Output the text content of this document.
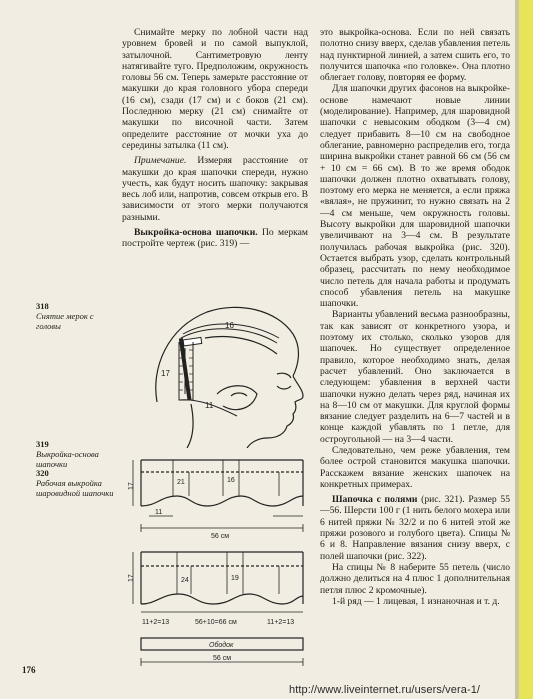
Снимайте мерку по лобной части над уровнем бровей и по самой выпуклой, затылочной. Сантиметровую ленту натягивайте туго. Предположим, окружность головы 56 см. Теперь замерьте расстояние от макушки до края головного убора спереди (16 см), сзади (17 см) и с боков (21 см). Последнюю мерку (21 см) снимайте от макушки по височной части. Затем определите расстояние от мочки уха до середины затылка (11 см).

Примечание. Измеряя расстояние от макушки до края шапочки спереди, нужно учесть, как будут носить шапочку: закрывая весь лоб или, напротив, совсем открыв его. В зависимости от этого мерки получаются разными.

Выкройка-основа шапочки. По меркам постройте чертеж (рис. 319) —

это выкройка-основа. Если по ней связать полотно снизу вверх, сделав убавления петель над пунктирной линией, а затем сшить его, то получится шапочка «по головке». Она плотно облегает голову, повторяя ее форму.

Для шапочки других фасонов на выкройке-основе намечают новые линии (моделирование). Например, для шаровидной шапочки с невысоким ободком (3—4 см) следует прибавить 8—10 см на свободное облегание, равномерно распределив его, тогда ширина выкройки станет равной 66 см (56 см + 10 см = 66 см). В то же время ободок шапочки должен плотно охватывать голову, поэтому его мерка не меняется, а если пряжа «вялая», не пружинит, то нужно связать на 2—4 см меньше, чем окружность головы. Высоту выкройки для шаровидной шапочки увеличивают на 3—4 см. В результате получилась рабочая выкройка (рис. 320). Остается выбрать узор, сделать контрольный образец, рассчитать по нему необходимое число петель для начала работы и продумать способ убавления петель на макушке шапочки.

Варианты убавлений весьма разнообразны, так как зависят от конкретного узора, и поэтому их столько, сколько узоров для шапочек. Но существует определенное правило, которое необходимо знать, делая расчет убавлений. Оно заключается в следующем: убавления в верхней части шапочки нужно делать через ряд, начиная их на 8—10 см от макушки. Для круглой формы вязание следует разделить на 6—7 частей и в конце каждой убавлять по 1 петле, для остроугольной — на 3—4 части.

Следовательно, чем реже убавления, тем более острой становится макушка шапочки. Расскажем вязание женских шапочек на конкретных примерах.

Шапочка с полями (рис. 321). Размер 55—56. Шерсти 100 г (1 нить белого мохера или 6 нитей пряжи № 32/2 и по 6 нитей этой же пряжи розового и голубого цвета). Спицы № 6 и 8. Направление вязания снизу вверх, с полей шапочки (рис. 322).

На спицы № 8 наберите 55 петель (число должно делиться на 4 плюс 1 дополнительная петля плюс 2 кромочные).

1-й ряд — 1 лицевая, 1 изнаночная и т. д.

318
Снятие мерок с головы
319
Выкройка-основа шапочки
320
Рабочая выкройка шаровидной шапочки
16
17
11
17	21	16
11
56 см
17	24	19
11+2=13	56+10=66 см	11+2=13
Ободок
56 см
176
http://www.liveinternet.ru/users/vera-1/
